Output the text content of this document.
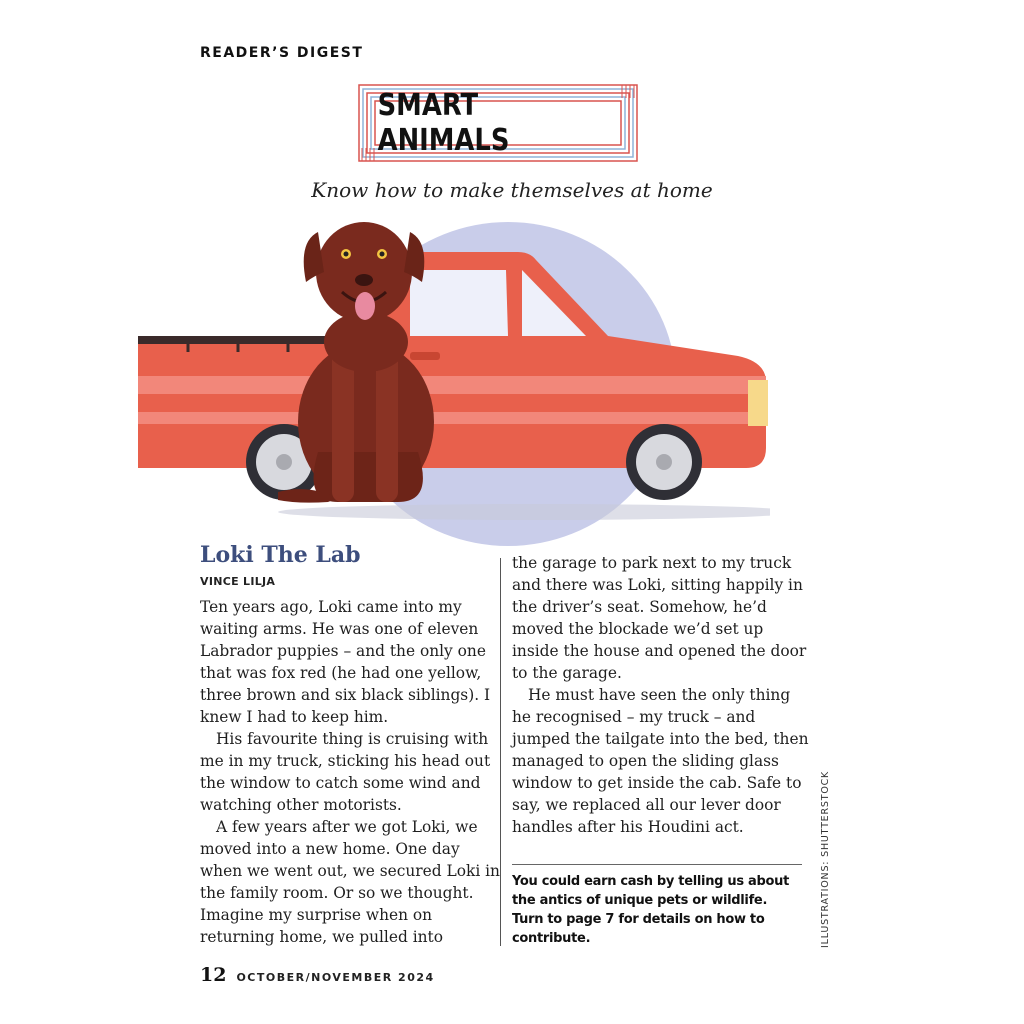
READER’S DIGEST
SMART ANIMALS
Know how to make themselves at home
Loki The Lab
VINCE LILJA

Ten years ago, Loki came into my waiting arms. He was one of eleven Labrador puppies – and the only one that was fox red (he had one yellow, three brown and six black siblings). I knew I had to keep him.

His favourite thing is cruising with me in my truck, sticking his head out the window to catch some wind and watching other motorists.

A few years after we got Loki, we moved into a new home. One day when we went out, we secured Loki in the family room. Or so we thought. Imagine my surprise when on returning home, we pulled into

the garage to park next to my truck and there was Loki, sitting happily in the driver’s seat. Somehow, he’d moved the blockade we’d set up inside the house and opened the door to the garage.

He must have seen the only thing he recognised – my truck – and jumped the tailgate into the bed, then managed to open the sliding glass window to get inside the cab. Safe to say, we replaced all our lever door handles after his Houdini act.

You could earn cash by telling us about the antics of unique pets or wildlife. Turn to page 7 for details on how to contribute.	ILLUSTRATIONS: SHUTTERSTOCK
12 OCTOBER/NOVEMBER 2024
